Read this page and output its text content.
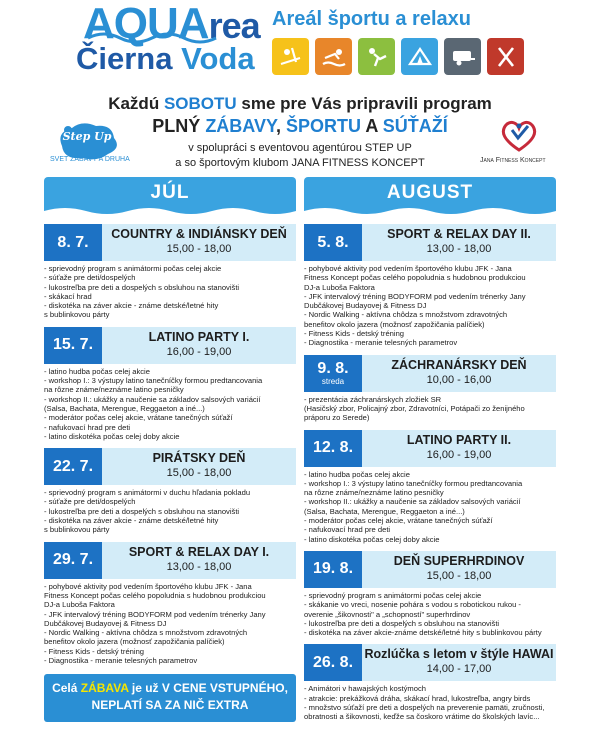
AQUArea
Čierna Voda
Areál športu a relaxu
Každú SOBOTU sme pre Vás pripravili program
PLNÝ ZÁBAVY, ŠPORTU A SÚŤAŽÍ
v spolupráci s eventovou agentúrou STEP UP
a so športovým klubom JANA FITNESS KONCEPT
Step Up
SVET ZÁBAVY A DRUHA	Jana Fitness Koncept
JÚL
8. 7.	COUNTRY & INDIÁNSKY DEŇ
15,00 - 18,00
- sprievodný program s animátormi počas celej akcie
- súťaže pre deti/dospelých
- lukostreľba pre deti a dospelých s obsluhou na stanovišti
- skákací hrad
- diskotéka na záver akcie - známe detské/letné hity
s bublinkovou párty
15. 7.	LATINO PARTY I.
16,00 - 19,00
- latino hudba počas celej akcie
- workshop I.: 3 výstupy latino tanečníčky formou predtancovania
na rôzne známe/neznáme latino pesničky
- workshop II.: ukážky a naučenie sa základov salsových variácií
(Salsa, Bachata, Merengue, Reggaeton a iné...)
- moderátor počas celej akcie, vrátane tanečných súťaží
- nafukovací hrad pre deti
- latino diskotéka počas celej doby akcie
22. 7.	PIRÁTSKY DEŇ
15,00 - 18,00
- sprievodný program s animátormi v duchu hľadania pokladu
- súťaže pre deti/dospelých
- lukostreľba pre deti a dospelých s obsluhou na stanovišti
- diskotéka na záver akcie - známe detské/letné hity
s bublinkovou párty
29. 7.	SPORT & RELAX DAY I.
13,00 - 18,00
- pohybové aktivity pod vedením športového klubu JFK - Jana
Fitness Koncept počas celého popoludnia s hudobnou produkciou
DJ-a Luboša Faktora
- JFK intervalový tréning BODYFORM pod vedením trénerky Jany
Dubčákovej Budayovej & Fitness DJ
- Nordic Walking - aktívna chôdza s množstvom zdravotných
benefitov okolo jazera (možnosť zapožičania palíčiek)
- Fitness Kids - detský tréning
- Diagnostika - meranie telesných parametrov
Celá ZÁBAVA je už V CENE VSTUPNÉHO,
NEPLATÍ SA ZA NIČ EXTRA
AUGUST
5. 8.	SPORT & RELAX DAY II.
13,00 - 18,00
- pohybové aktivity pod vedením športového klubu JFK - Jana
Fitness Koncept počas celého popoludnia s hudobnou produkciou
DJ-a Luboša Faktora
- JFK intervalový tréning BODYFORM pod vedením trénerky Jany
Dubčákovej Budayovej & Fitness DJ
- Nordic Walking - aktívna chôdza s množstvom zdravotných
benefitov okolo jazera (možnosť zapožičania palíčiek)
- Fitness Kids - detský tréning
- Diagnostika - meranie telesných parametrov
9. 8.
streda
ZÁCHRANÁRSKY DEŇ
10,00 - 16,00
- prezentácia záchranárskych zložiek SR
(Hasičský zbor, Policajný zbor, Zdravotníci, Potápači zo ženijného
práporu zo Serede)
12. 8.	LATINO PARTY II.
16,00 - 19,00
- latino hudba počas celej akcie
- workshop I.: 3 výstupy latino tanečníčky formou predtancovania
na rôzne známe/neznáme latino pesničky
- workshop II.: ukážky a naučenie sa základov salsových variácií
(Salsa, Bachata, Merengue, Reggaeton a iné...)
- moderátor počas celej akcie, vrátane tanečných súťaží
- nafukovací hrad pre deti
- latino diskotéka počas celej doby akcie
19. 8.	DEŇ SUPERHRDINOV
15,00 - 18,00
- sprievodný program s animátormi počas celej akcie
- skákanie vo vreci, nosenie pohára s vodou s robotickou rukou -
overenie „šikovnosti" a „schopností" superhrdinov
- lukostreľba pre deti a dospelých s obsluhou na stanovišti
- diskotéka na záver akcie-známe detské/letné hity s bublinkovou párty
26. 8. Rozlúčka s letom v štýle HAWAI
14,00 - 17,00
- Animátori v hawajských kostýmoch
- atrakcie: prekážková dráha, skákací hrad, lukostreľba, angry birds
- množstvo súťaží pre deti a dospelých na preverenie pamäti, zručnosti,
obratnosti a šikovnosti, keďže sa čoskoro vrátime do školských lavíc...
